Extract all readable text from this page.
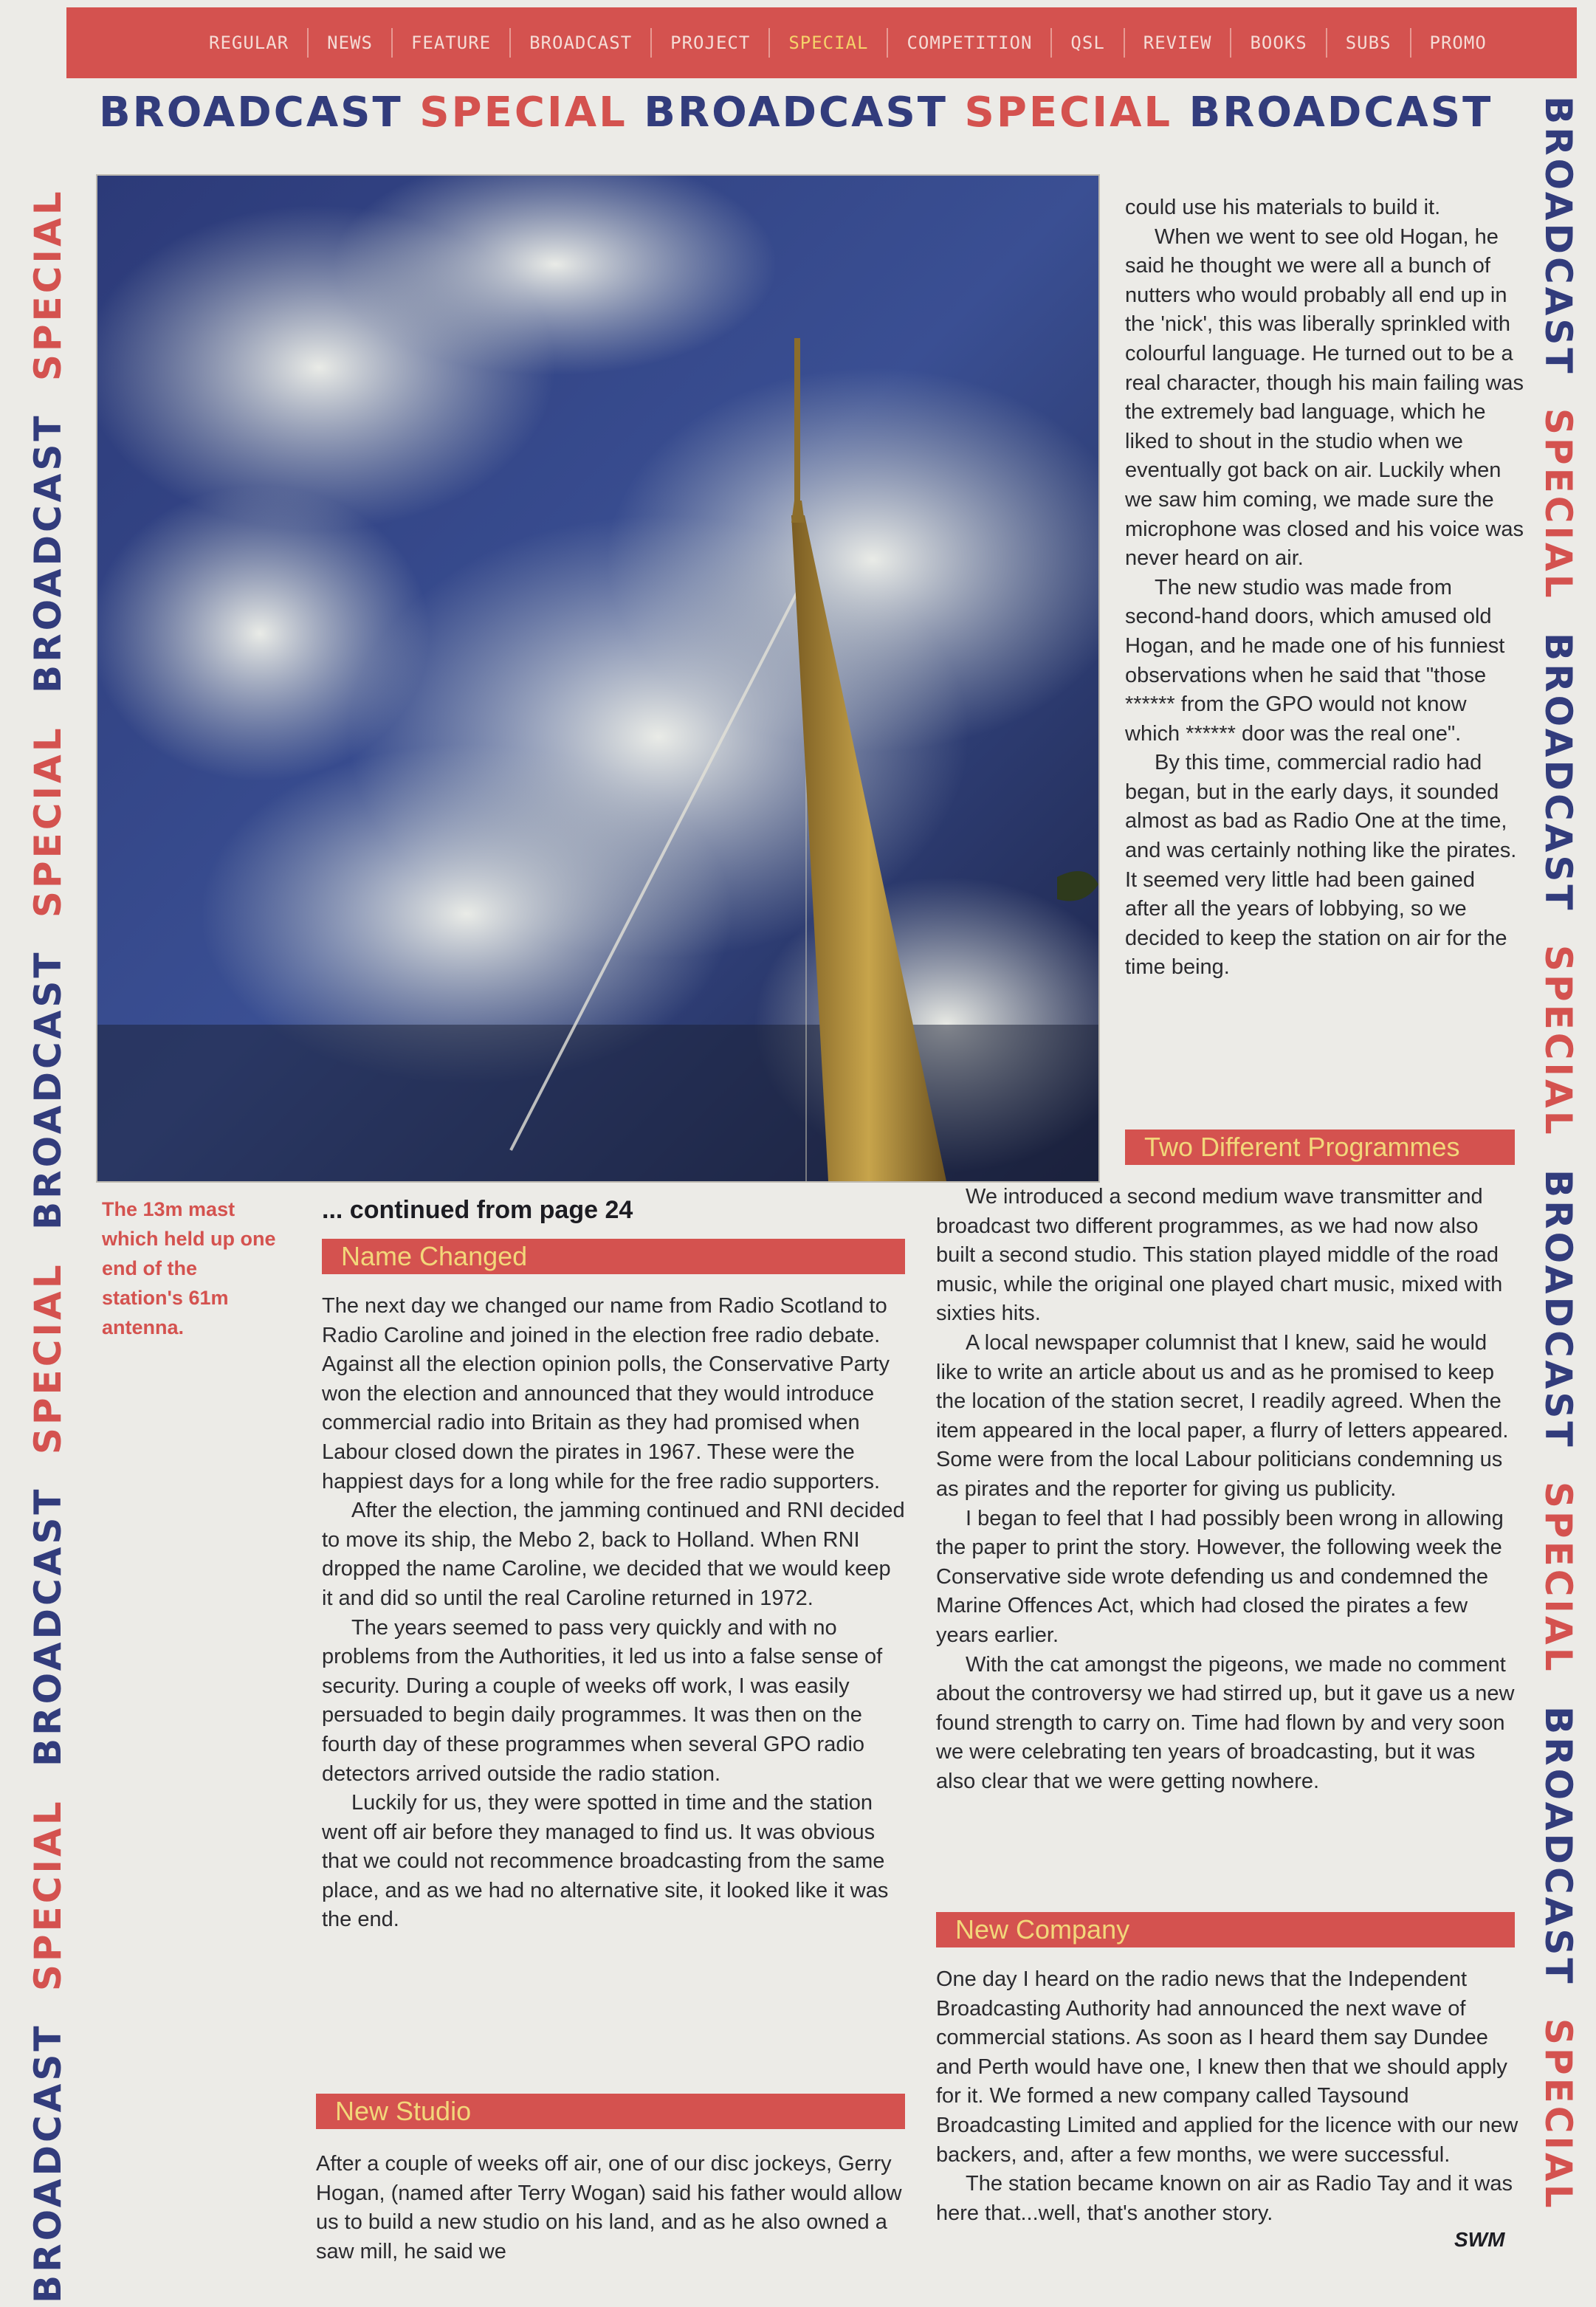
REGULAR	NEWS	FEATURE	BROADCAST	PROJECT	SPECIAL	COMPETITION	QSL	REVIEW	BOOKS	SUBS	PROMO
BROADCAST SPECIAL BROADCAST SPECIAL BROADCAST
BROADCAST SPECIAL BROADCAST SPECIAL BROADCAST SPECIAL BROADCAST SPECIAL	BROADCAST SPECIAL BROADCAST SPECIAL BROADCAST SPECIAL BROADCAST SPECIAL
The 13m mast which held up one end of the station's 61m antenna.

could use his materials to build it.

When we went to see old Hogan, he said he thought we were all a bunch of nutters who would probably all end up in the 'nick', this was liberally sprinkled with colourful language. He turned out to be a real character, though his main failing was the extremely bad language, which he liked to shout in the studio when we eventually got back on air. Luckily when we saw him coming, we made sure the microphone was closed and his voice was never heard on air.

The new studio was made from second-hand doors, which amused old Hogan, and he made one of his funniest observations when he said that "those ****** from the GPO would not know which ****** door was the real one".

By this time, commercial radio had began, but in the early days, it sounded almost as bad as Radio One at the time, and was certainly nothing like the pirates. It seemed very little had been gained after all the years of lobbying, so we decided to keep the station on air for the time being.

Two Different Programmes
... continued from page 24
Name Changed

The next day we changed our name from Radio Scotland to Radio Caroline and joined in the election free radio debate. Against all the election opinion polls, the Conservative Party won the election and announced that they would introduce commercial radio into Britain as they had promised when Labour closed down the pirates in 1967. These were the happiest days for a long while for the free radio supporters.

After the election, the jamming continued and RNI decided to move its ship, the Mebo 2, back to Holland. When RNI dropped the name Caroline, we decided that we would keep it and did so until the real Caroline returned in 1972.

The years seemed to pass very quickly and with no problems from the Authorities, it led us into a false sense of security. During a couple of weeks off work, I was easily persuaded to begin daily programmes. It was then on the fourth day of these programmes when several GPO radio detectors arrived outside the radio station.

Luckily for us, they were spotted in time and the station went off air before they managed to find us. It was obvious that we could not recommence broadcasting from the same place, and as we had no alternative site, it looked like it was the end.

New Studio

After a couple of weeks off air, one of our disc jockeys, Gerry Hogan, (named after Terry Wogan) said his father would allow us to build a new studio on his land, and as he also owned a saw mill, he said we

We introduced a second medium wave transmitter and broadcast two different programmes, as we had now also built a second studio. This station played middle of the road music, while the original one played chart music, mixed with sixties hits.

A local newspaper columnist that I knew, said he would like to write an article about us and as he promised to keep the location of the station secret, I readily agreed. When the item appeared in the local paper, a flurry of letters appeared. Some were from the local Labour politicians condemning us as pirates and the reporter for giving us publicity.

I began to feel that I had possibly been wrong in allowing the paper to print the story. However, the following week the Conservative side wrote defending us and condemned the Marine Offences Act, which had closed the pirates a few years earlier.

With the cat amongst the pigeons, we made no comment about the controversy we had stirred up, but it gave us a new found strength to carry on. Time had flown by and very soon we were celebrating ten years of broadcasting, but it was also clear that we were getting nowhere.

New Company

One day I heard on the radio news that the Independent Broadcasting Authority had announced the next wave of commercial stations. As soon as I heard them say Dundee and Perth would have one, I knew then that we should apply for it. We formed a new company called Taysound Broadcasting Limited and applied for the licence with our new backers, and, after a few months, we were successful.

The station became known on air as Radio Tay and it was here that...well, that's another story.

SWM
